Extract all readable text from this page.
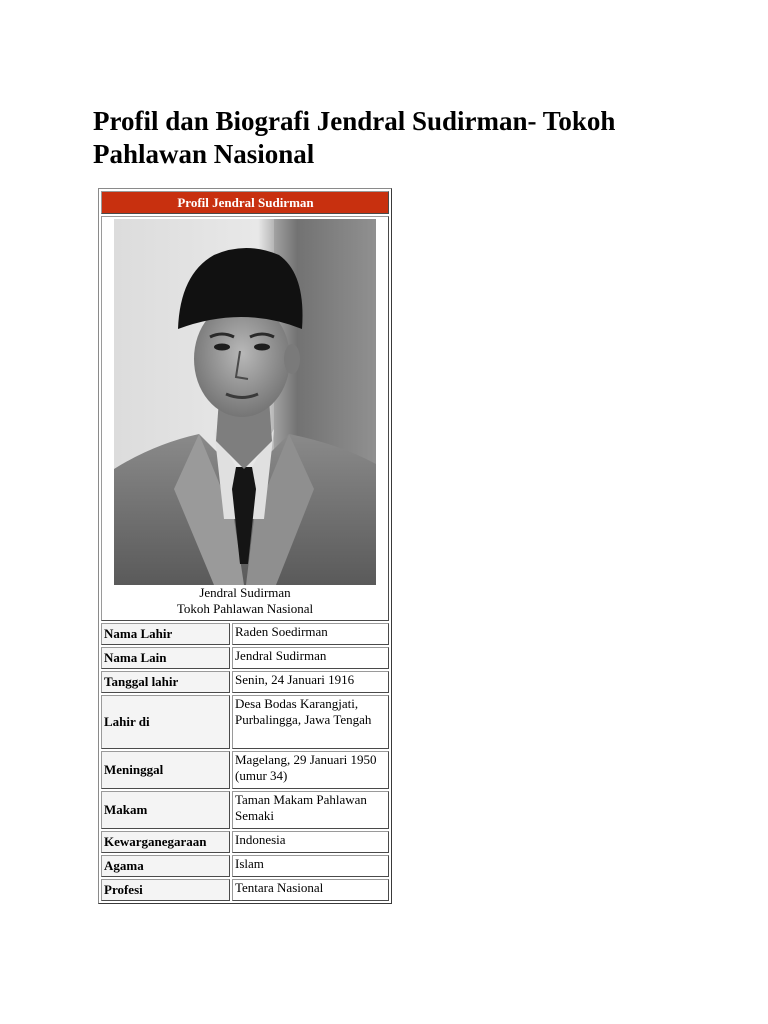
Profil dan Biografi Jendral Sudirman- Tokoh Pahlawan Nasional
Profil Jendral Sudirman	

Jendral Sudirman
Tokoh Pahlawan Nasional	

Nama Lahir	Raden Soedirman
Nama Lain	Jendral Sudirman
Tanggal lahir	Senin, 24 Januari 1916
Lahir di	Desa Bodas Karangjati, Purbalingga, Jawa Tengah
Meninggal	Magelang, 29 Januari 1950 (umur 34)
Makam	Taman Makam Pahlawan Semaki
Kewarganegaraan	Indonesia
Agama	Islam
Profesi	Tentara Nasional
